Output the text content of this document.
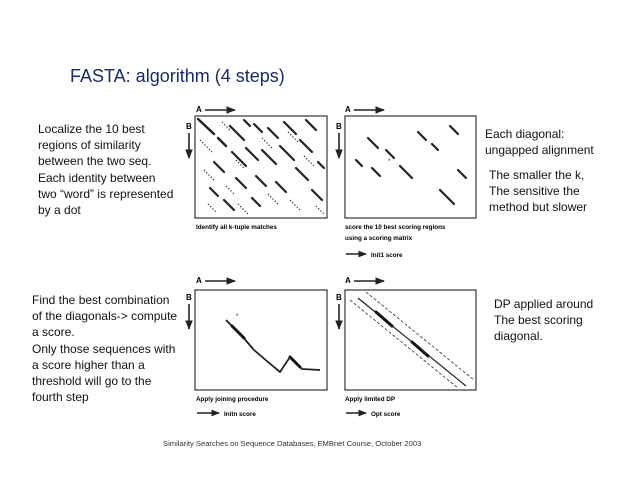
FASTA: algorithm (4 steps)
Localize the 10 best
regions of similarity
between the two seq.
Each identity between
two “word” is represented
by a dot
Each diagonal:
ungapped alignment
The smaller the k,
The sensitive the
method but slower
Find the best combination
of the diagonals-> compute
a score.
Only those sequences with
a score higher than a
threshold will go to the
fourth step
DP applied around
The best scoring
diagonal.
A
B
Identify all k-tuple matches
A
B
*
score the 10 best scoring regions
using a scoring matrix
Init1 score
A
B
*
Apply joining procedure
Initn score
A
B
Apply limited DP
Opt score
Similarity Searches on Sequence Databases, EMBnet Course, October 2003
